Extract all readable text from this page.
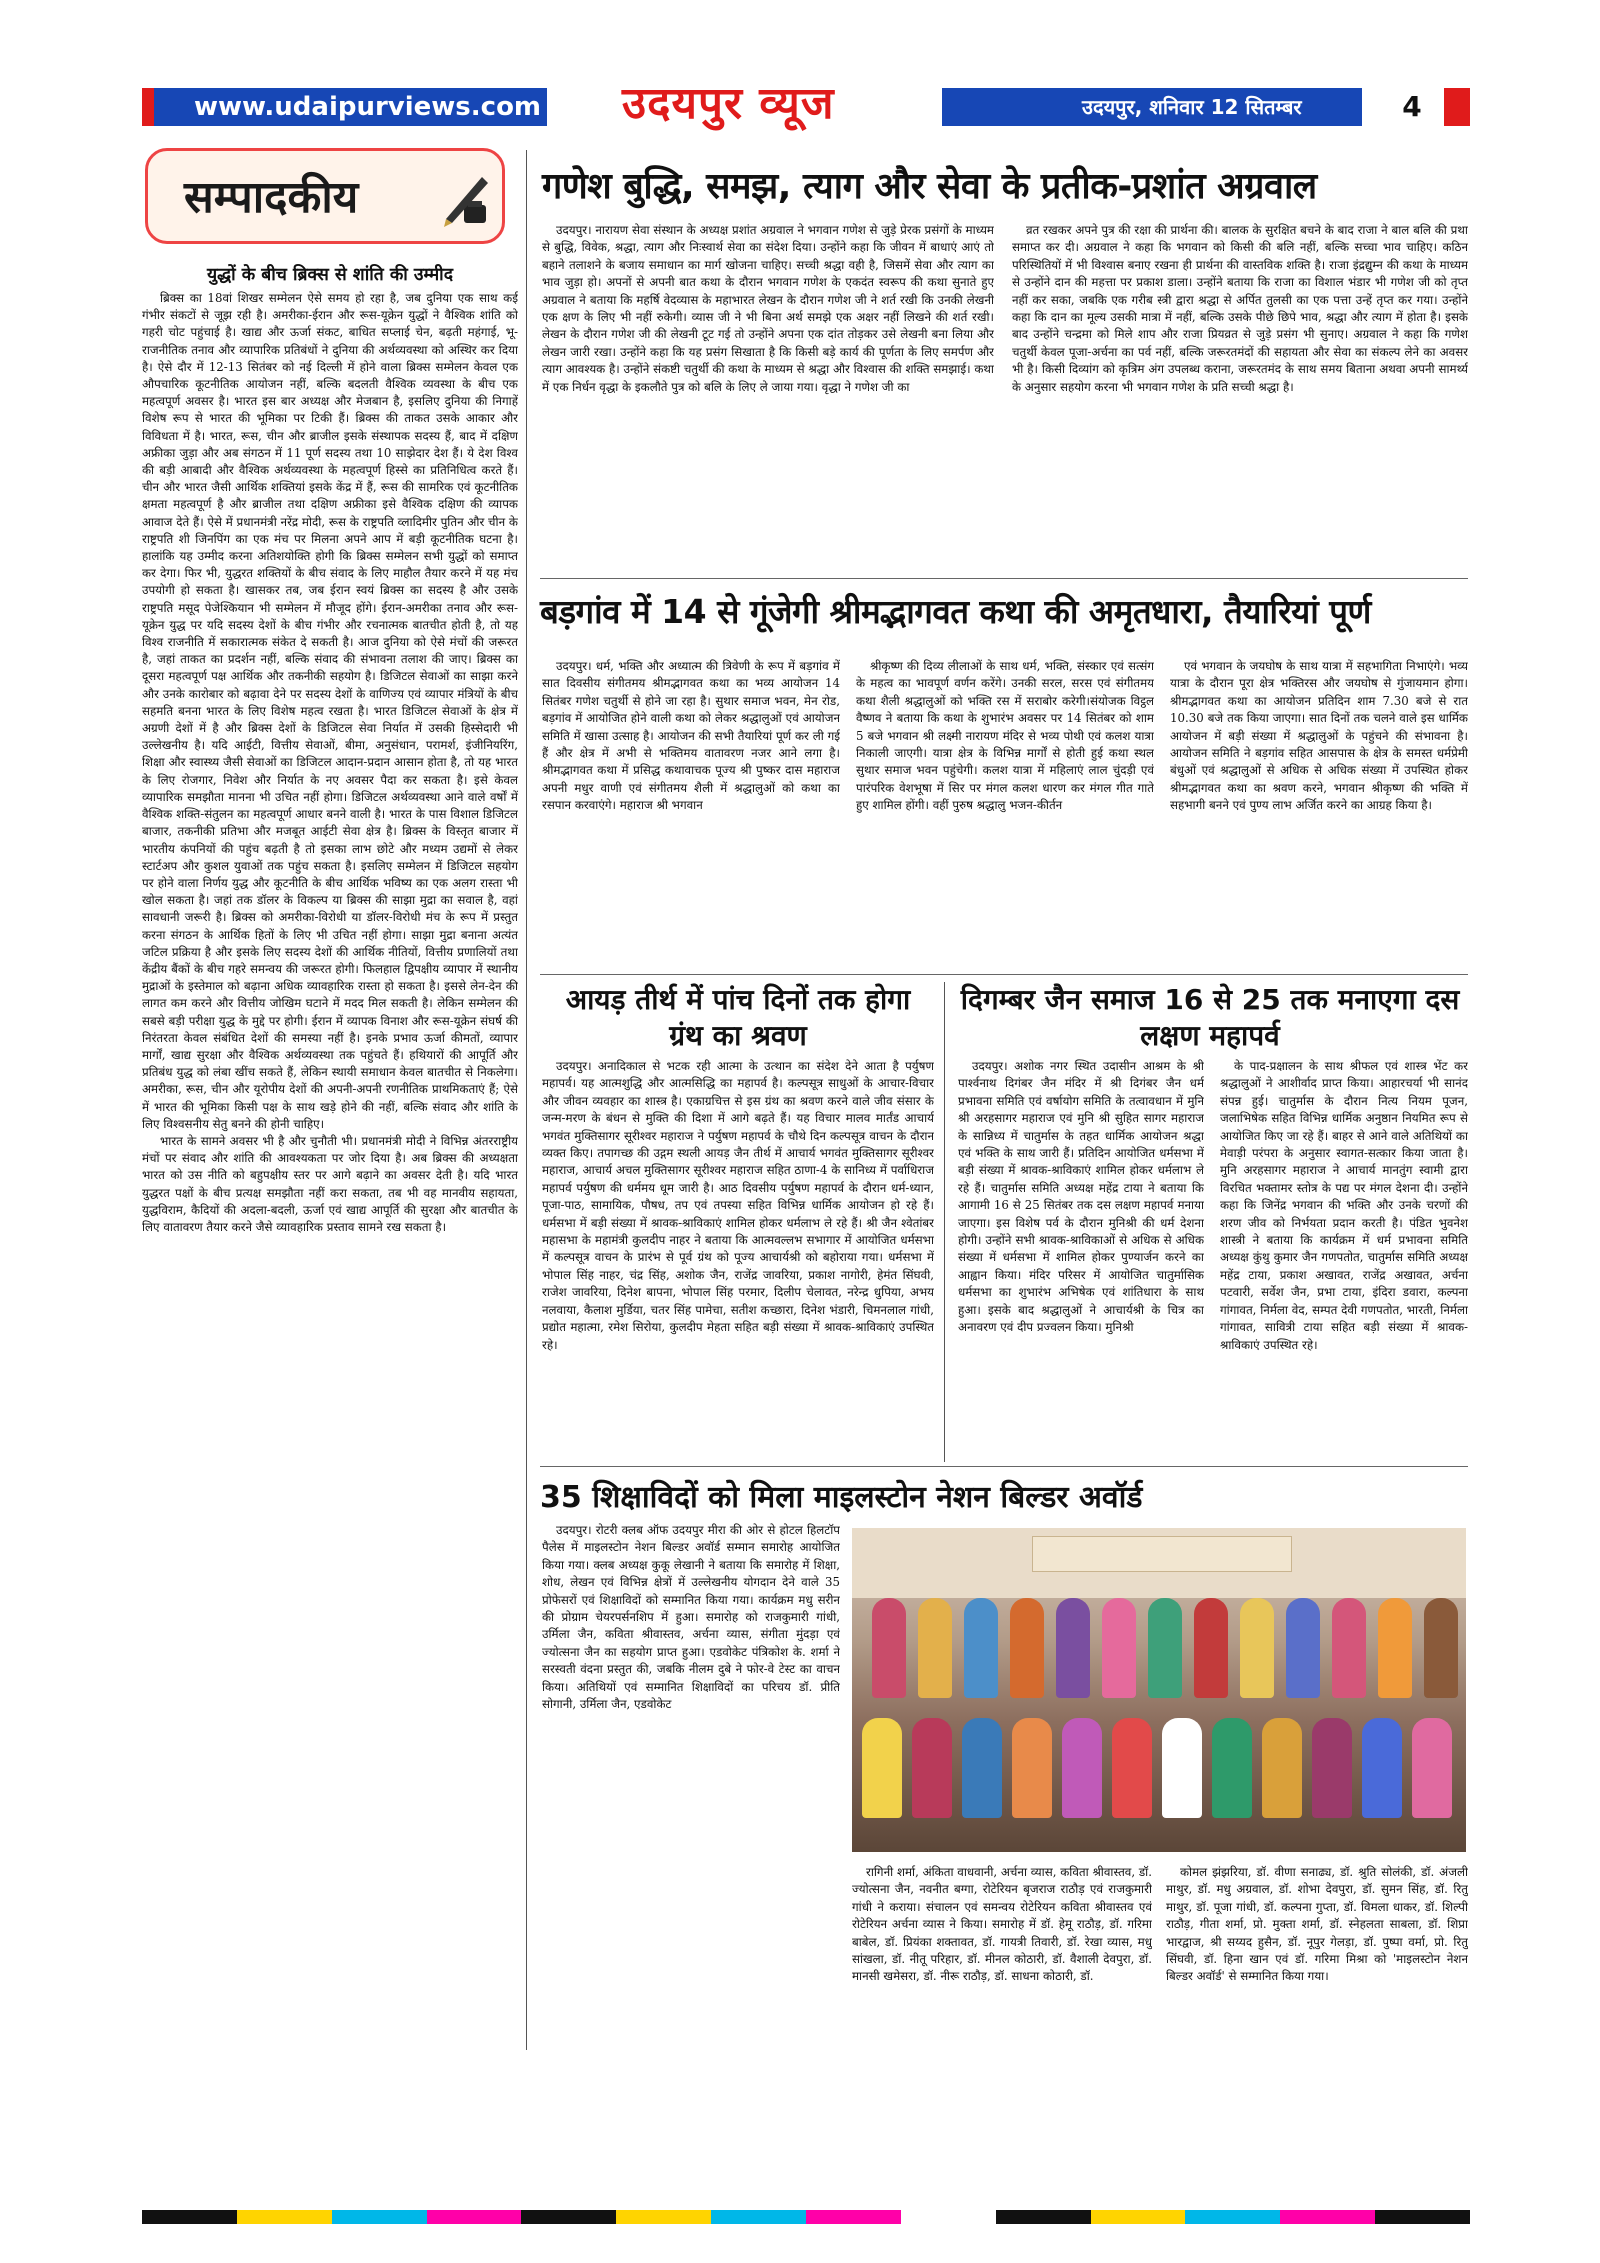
www.udaipurviews.com	उदयपुर, शनिवार 12 सितम्बर 2026
उदयपुर व्यूज	4
सम्पादकीय
युद्धों के बीच ब्रिक्स से शांति की उम्मीद

ब्रिक्स का 18वां शिखर सम्मेलन ऐसे समय हो रहा है, जब दुनिया एक साथ कई गंभीर संकटों से जूझ रही है। अमरीका-ईरान और रूस-यूक्रेन युद्धों ने वैश्विक शांति को गहरी चोट पहुंचाई है। खाद्य और ऊर्जा संकट, बाधित सप्लाई चेन, बढ़ती महंगाई, भू-राजनीतिक तनाव और व्यापारिक प्रतिबंधों ने दुनिया की अर्थव्यवस्था को अस्थिर कर दिया है। ऐसे दौर में 12-13 सितंबर को नई दिल्ली में होने वाला ब्रिक्स सम्मेलन केवल एक औपचारिक कूटनीतिक आयोजन नहीं, बल्कि बदलती वैश्विक व्यवस्था के बीच एक महत्वपूर्ण अवसर है। भारत इस बार अध्यक्ष और मेजबान है, इसलिए दुनिया की निगाहें विशेष रूप से भारत की भूमिका पर टिकी हैं। ब्रिक्स की ताकत उसके आकार और विविधता में है। भारत, रूस, चीन और ब्राजील इसके संस्थापक सदस्य हैं, बाद में दक्षिण अफ्रीका जुड़ा और अब संगठन में 11 पूर्ण सदस्य तथा 10 साझेदार देश हैं। ये देश विश्व की बड़ी आबादी और वैश्विक अर्थव्यवस्था के महत्वपूर्ण हिस्से का प्रतिनिधित्व करते हैं। चीन और भारत जैसी आर्थिक शक्तियां इसके केंद्र में हैं, रूस की सामरिक एवं कूटनीतिक क्षमता महत्वपूर्ण है और ब्राजील तथा दक्षिण अफ्रीका इसे वैश्विक दक्षिण की व्यापक आवाज देते हैं। ऐसे में प्रधानमंत्री नरेंद्र मोदी, रूस के राष्ट्रपति व्लादिमीर पुतिन और चीन के राष्ट्रपति शी जिनपिंग का एक मंच पर मिलना अपने आप में बड़ी कूटनीतिक घटना है। हालांकि यह उम्मीद करना अतिशयोक्ति होगी कि ब्रिक्स सम्मेलन सभी युद्धों को समाप्त कर देगा। फिर भी, युद्धरत शक्तियों के बीच संवाद के लिए माहौल तैयार करने में यह मंच उपयोगी हो सकता है। खासकर तब, जब ईरान स्वयं ब्रिक्स का सदस्य है और उसके राष्ट्रपति मसूद पेजेश्कियान भी सम्मेलन में मौजूद होंगे। ईरान-अमरीका तनाव और रूस-यूक्रेन युद्ध पर यदि सदस्य देशों के बीच गंभीर और रचनात्मक बातचीत होती है, तो यह विश्व राजनीति में सकारात्मक संकेत दे सकती है। आज दुनिया को ऐसे मंचों की जरूरत है, जहां ताकत का प्रदर्शन नहीं, बल्कि संवाद की संभावना तलाश की जाए। ब्रिक्स का दूसरा महत्वपूर्ण पक्ष आर्थिक और तकनीकी सहयोग है। डिजिटल सेवाओं का साझा करने और उनके कारोबार को बढ़ावा देने पर सदस्य देशों के वाणिज्य एवं व्यापार मंत्रियों के बीच सहमति बनना भारत के लिए विशेष महत्व रखता है। भारत डिजिटल सेवाओं के क्षेत्र में अग्रणी देशों में है और ब्रिक्स देशों के डिजिटल सेवा निर्यात में उसकी हिस्सेदारी भी उल्लेखनीय है। यदि आईटी, वित्तीय सेवाओं, बीमा, अनुसंधान, परामर्श, इंजीनियरिंग, शिक्षा और स्वास्थ्य जैसी सेवाओं का डिजिटल आदान-प्रदान आसान होता है, तो यह भारत के लिए रोजगार, निवेश और निर्यात के नए अवसर पैदा कर सकता है। इसे केवल व्यापारिक समझौता मानना भी उचित नहीं होगा। डिजिटल अर्थव्यवस्था आने वाले वर्षों में वैश्विक शक्ति-संतुलन का महत्वपूर्ण आधार बनने वाली है। भारत के पास विशाल डिजिटल बाजार, तकनीकी प्रतिभा और मजबूत आईटी सेवा क्षेत्र है। ब्रिक्स के विस्तृत बाजार में भारतीय कंपनियों की पहुंच बढ़ती है तो इसका लाभ छोटे और मध्यम उद्यमों से लेकर स्टार्टअप और कुशल युवाओं तक पहुंच सकता है। इसलिए सम्मेलन में डिजिटल सहयोग पर होने वाला निर्णय युद्ध और कूटनीति के बीच आर्थिक भविष्य का एक अलग रास्ता भी खोल सकता है। जहां तक डॉलर के विकल्प या ब्रिक्स की साझा मुद्रा का सवाल है, वहां सावधानी जरूरी है। ब्रिक्स को अमरीका-विरोधी या डॉलर-विरोधी मंच के रूप में प्रस्तुत करना संगठन के आर्थिक हितों के लिए भी उचित नहीं होगा। साझा मुद्रा बनाना अत्यंत जटिल प्रक्रिया है और इसके लिए सदस्य देशों की आर्थिक नीतियों, वित्तीय प्रणालियों तथा केंद्रीय बैंकों के बीच गहरे समन्वय की जरूरत होगी। फिलहाल द्विपक्षीय व्यापार में स्थानीय मुद्राओं के इस्तेमाल को बढ़ाना अधिक व्यावहारिक रास्ता हो सकता है। इससे लेन-देन की लागत कम करने और वित्तीय जोखिम घटाने में मदद मिल सकती है। लेकिन सम्मेलन की सबसे बड़ी परीक्षा युद्ध के मुद्दे पर होगी। ईरान में व्यापक विनाश और रूस-यूक्रेन संघर्ष की निरंतरता केवल संबंधित देशों की समस्या नहीं है। इनके प्रभाव ऊर्जा कीमतों, व्यापार मार्गों, खाद्य सुरक्षा और वैश्विक अर्थव्यवस्था तक पहुंचते हैं। हथियारों की आपूर्ति और प्रतिबंध युद्ध को लंबा खींच सकते हैं, लेकिन स्थायी समाधान केवल बातचीत से निकलेगा। अमरीका, रूस, चीन और यूरोपीय देशों की अपनी-अपनी रणनीतिक प्राथमिकताएं हैं; ऐसे में भारत की भूमिका किसी पक्ष के साथ खड़े होने की नहीं, बल्कि संवाद और शांति के लिए विश्वसनीय सेतु बनने की होनी चाहिए।

भारत के सामने अवसर भी है और चुनौती भी। प्रधानमंत्री मोदी ने विभिन्न अंतरराष्ट्रीय मंचों पर संवाद और शांति की आवश्यकता पर जोर दिया है। अब ब्रिक्स की अध्यक्षता भारत को उस नीति को बहुपक्षीय स्तर पर आगे बढ़ाने का अवसर देती है। यदि भारत युद्धरत पक्षों के बीच प्रत्यक्ष समझौता नहीं करा सकता, तब भी वह मानवीय सहायता, युद्धविराम, कैदियों की अदला-बदली, ऊर्जा एवं खाद्य आपूर्ति की सुरक्षा और बातचीत के लिए वातावरण तैयार करने जैसे व्यावहारिक प्रस्ताव सामने रख सकता है।

गणेश बुद्धि, समझ, त्याग और सेवा के प्रतीक-प्रशांत अग्रवाल

उदयपुर। नारायण सेवा संस्थान के अध्यक्ष प्रशांत अग्रवाल ने भगवान गणेश से जुड़े प्रेरक प्रसंगों के माध्यम से बुद्धि, विवेक, श्रद्धा, त्याग और निःस्वार्थ सेवा का संदेश दिया। उन्होंने कहा कि जीवन में बाधाएं आएं तो बहाने तलाशने के बजाय समाधान का मार्ग खोजना चाहिए। सच्ची श्रद्धा वही है, जिसमें सेवा और त्याग का भाव जुड़ा हो। अपनों से अपनी बात कथा के दौरान भगवान गणेश के एकदंत स्वरूप की कथा सुनाते हुए अग्रवाल ने बताया कि महर्षि वेदव्यास के महाभारत लेखन के दौरान गणेश जी ने शर्त रखी कि उनकी लेखनी एक क्षण के लिए भी नहीं रुकेगी। व्यास जी ने भी बिना अर्थ समझे एक अक्षर नहीं लिखने की शर्त रखी। लेखन के दौरान गणेश जी की लेखनी टूट गई तो उन्होंने अपना एक दांत तोड़कर उसे लेखनी बना लिया और लेखन जारी रखा। उन्होंने कहा कि यह प्रसंग सिखाता है कि किसी बड़े कार्य की पूर्णता के लिए समर्पण और त्याग आवश्यक है। उन्होंने संकष्टी चतुर्थी की कथा के माध्यम से श्रद्धा और विश्वास की शक्ति समझाई। कथा में एक निर्धन वृद्धा के इकलौते पुत्र को बलि के लिए ले जाया गया। वृद्धा ने गणेश जी का

व्रत रखकर अपने पुत्र की रक्षा की प्रार्थना की। बालक के सुरक्षित बचने के बाद राजा ने बाल बलि की प्रथा समाप्त कर दी। अग्रवाल ने कहा कि भगवान को किसी की बलि नहीं, बल्कि सच्चा भाव चाहिए। कठिन परिस्थितियों में भी विश्वास बनाए रखना ही प्रार्थना की वास्तविक शक्ति है। राजा इंद्रद्युम्न की कथा के माध्यम से उन्होंने दान की महत्ता पर प्रकाश डाला। उन्होंने बताया कि राजा का विशाल भंडार भी गणेश जी को तृप्त नहीं कर सका, जबकि एक गरीब स्त्री द्वारा श्रद्धा से अर्पित तुलसी का एक पत्ता उन्हें तृप्त कर गया। उन्होंने कहा कि दान का मूल्य उसकी मात्रा में नहीं, बल्कि उसके पीछे छिपे भाव, श्रद्धा और त्याग में होता है। इसके बाद उन्होंने चन्द्रमा को मिले शाप और राजा प्रियव्रत से जुड़े प्रसंग भी सुनाए। अग्रवाल ने कहा कि गणेश चतुर्थी केवल पूजा-अर्चना का पर्व नहीं, बल्कि जरूरतमंदों की सहायता और सेवा का संकल्प लेने का अवसर भी है। किसी दिव्यांग को कृत्रिम अंग उपलब्ध कराना, जरूरतमंद के साथ समय बिताना अथवा अपनी सामर्थ्य के अनुसार सहयोग करना भी भगवान गणेश के प्रति सच्ची श्रद्धा है।

बड़गांव में 14 से गूंजेगी श्रीमद्भागवत कथा की अमृतधारा, तैयारियां पूर्ण

उदयपुर। धर्म, भक्ति और अध्यात्म की त्रिवेणी के रूप में बड़गांव में सात दिवसीय संगीतमय श्रीमद्भागवत कथा का भव्य आयोजन 14 सितंबर गणेश चतुर्थी से होने जा रहा है। सुथार समाज भवन, मेन रोड, बड़गांव में आयोजित होने वाली कथा को लेकर श्रद्धालुओं एवं आयोजन समिति में खासा उत्साह है। आयोजन की सभी तैयारियां पूर्ण कर ली गई हैं और क्षेत्र में अभी से भक्तिमय वातावरण नजर आने लगा है। श्रीमद्भागवत कथा में प्रसिद्ध कथावाचक पूज्य श्री पुष्कर दास महाराज अपनी मधुर वाणी एवं संगीतमय शैली में श्रद्धालुओं को कथा का रसपान करवाएंगे। महाराज श्री भगवान

श्रीकृष्ण की दिव्य लीलाओं के साथ धर्म, भक्ति, संस्कार एवं सत्संग के महत्व का भावपूर्ण वर्णन करेंगे। उनकी सरल, सरस एवं संगीतमय कथा शैली श्रद्धालुओं को भक्ति रस में सराबोर करेगी।संयोजक विट्ठल वैष्णव ने बताया कि कथा के शुभारंभ अवसर पर 14 सितंबर को शाम 5 बजे भगवान श्री लक्ष्मी नारायण मंदिर से भव्य पोथी एवं कलश यात्रा निकाली जाएगी। यात्रा क्षेत्र के विभिन्न मार्गों से होती हुई कथा स्थल सुथार समाज भवन पहुंचेगी। कलश यात्रा में महिलाएं लाल चुंदड़ी एवं पारंपरिक वेशभूषा में सिर पर मंगल कलश धारण कर मंगल गीत गाते हुए शामिल होंगी। वहीं पुरुष श्रद्धालु भजन-कीर्तन

एवं भगवान के जयघोष के साथ यात्रा में सहभागिता निभाएंगे। भव्य यात्रा के दौरान पूरा क्षेत्र भक्तिरस और जयघोष से गुंजायमान होगा। श्रीमद्भागवत कथा का आयोजन प्रतिदिन शाम 7.30 बजे से रात 10.30 बजे तक किया जाएगा। सात दिनों तक चलने वाले इस धार्मिक आयोजन में बड़ी संख्या में श्रद्धालुओं के पहुंचने की संभावना है। आयोजन समिति ने बड़गांव सहित आसपास के क्षेत्र के समस्त धर्मप्रेमी बंधुओं एवं श्रद्धालुओं से अधिक से अधिक संख्या में उपस्थित होकर श्रीमद्भागवत कथा का श्रवण करने, भगवान श्रीकृष्ण की भक्ति में सहभागी बनने एवं पुण्य लाभ अर्जित करने का आग्रह किया है।

आयड़ तीर्थ में पांच दिनों तक होगा ग्रंथ का श्रवण

उदयपुर। अनादिकाल से भटक रही आत्मा के उत्थान का संदेश देने आता है पर्युषण महापर्व। यह आत्मशुद्धि और आत्मसिद्धि का महापर्व है। कल्पसूत्र साधुओं के आचार-विचार और जीवन व्यवहार का शास्त्र है। एकाग्रचित्त से इस ग्रंथ का श्रवण करने वाले जीव संसार के जन्म-मरण के बंधन से मुक्ति की दिशा में आगे बढ़ते हैं। यह विचार मालव मार्तंड आचार्य भगवंत मुक्तिसागर सूरीश्वर महाराज ने पर्युषण महापर्व के चौथे दिन कल्पसूत्र वाचन के दौरान व्यक्त किए। तपागच्छ की उद्गम स्थली आयड़ जैन तीर्थ में आचार्य भगवंत मुक्तिसागर सूरीश्वर महाराज, आचार्य अचल मुक्तिसागर सूरीश्वर महाराज सहित ठाणा-4 के सानिध्य में पर्वाधिराज महापर्व पर्युषण की धर्ममय धूम जारी है। आठ दिवसीय पर्युषण महापर्व के दौरान धर्म-ध्यान, पूजा-पाठ, सामायिक, पौषध, तप एवं तपस्या सहित विभिन्न धार्मिक आयोजन हो रहे हैं। धर्मसभा में बड़ी संख्या में श्रावक-श्राविकाएं शामिल होकर धर्मलाभ ले रहे हैं। श्री जैन श्वेतांबर महासभा के महामंत्री कुलदीप नाहर ने बताया कि आत्मवल्लभ सभागार में आयोजित धर्मसभा में कल्पसूत्र वाचन के प्रारंभ से पूर्व ग्रंथ को पूज्य आचार्यश्री को बहोराया गया। धर्मसभा में भोपाल सिंह नाहर, चंद्र सिंह, अशोक जैन, राजेंद्र जावरिया, प्रकाश नागोरी, हेमंत सिंघवी, राजेश जावरिया, दिनेश बापना, भोपाल सिंह परमार, दिलीप चेलावत, नरेन्द्र धुपिया, अभय नलवाया, कैलाश मुर्डिया, चतर सिंह पामेचा, सतीश कच्छारा, दिनेश भंडारी, चिमनलाल गांधी, प्रद्योत महात्मा, रमेश सिरोया, कुलदीप मेहता सहित बड़ी संख्या में श्रावक-श्राविकाएं उपस्थित रहे।

दिगम्बर जैन समाज 16 से 25 तक मनाएगा दस लक्षण महापर्व

उदयपुर। अशोक नगर स्थित उदासीन आश्रम के श्री पार्श्वनाथ दिगंबर जैन मंदिर में श्री दिगंबर जैन धर्म प्रभावना समिति एवं वर्षायोग समिति के तत्वावधान में मुनि श्री अरहसागर महाराज एवं मुनि श्री सुहित सागर महाराज के सान्निध्य में चातुर्मास के तहत धार्मिक आयोजन श्रद्धा एवं भक्ति के साथ जारी हैं। प्रतिदिन आयोजित धर्मसभा में बड़ी संख्या में श्रावक-श्राविकाएं शामिल होकर धर्मलाभ ले रहे हैं। चातुर्मास समिति अध्यक्ष महेंद्र टाया ने बताया कि आगामी 16 से 25 सितंबर तक दस लक्षण महापर्व मनाया जाएगा। इस विशेष पर्व के दौरान मुनिश्री की धर्म देशना होगी। उन्होंने सभी श्रावक-श्राविकाओं से अधिक से अधिक संख्या में धर्मसभा में शामिल होकर पुण्यार्जन करने का आह्वान किया। मंदिर परिसर में आयोजित चातुर्मासिक धर्मसभा का शुभारंभ अभिषेक एवं शांतिधारा के साथ हुआ। इसके बाद श्रद्धालुओं ने आचार्यश्री के चित्र का अनावरण एवं दीप प्रज्वलन किया। मुनिश्री

के पाद-प्रक्षालन के साथ श्रीफल एवं शास्त्र भेंट कर श्रद्धालुओं ने आशीर्वाद प्राप्त किया। आहारचर्या भी सानंद संपन्न हुई। चातुर्मास के दौरान नित्य नियम पूजन, जलाभिषेक सहित विभिन्न धार्मिक अनुष्ठान नियमित रूप से आयोजित किए जा रहे हैं। बाहर से आने वाले अतिथियों का मेवाड़ी परंपरा के अनुसार स्वागत-सत्कार किया जाता है। मुनि अरहसागर महाराज ने आचार्य मानतुंग स्वामी द्वारा विरचित भक्तामर स्तोत्र के पद्य पर मंगल देशना दी। उन्होंने कहा कि जिनेंद्र भगवान की भक्ति और उनके चरणों की शरण जीव को निर्भयता प्रदान करती है। पंडित भुवनेश शास्त्री ने बताया कि कार्यक्रम में धर्म प्रभावना समिति अध्यक्ष कुंथु कुमार जैन गणपतोत, चातुर्मास समिति अध्यक्ष महेंद्र टाया, प्रकाश अखावत, राजेंद्र अखावत, अर्चना पटवारी, सर्वेश जैन, प्रभा टाया, इंदिरा डवारा, कल्पना गांगावत, निर्मला वेद, सम्पत देवी गणपतोत, भारती, निर्मला गांगावत, सावित्री टाया सहित बड़ी संख्या में श्रावक-श्राविकाएं उपस्थित रहे।

35 शिक्षाविदों को मिला माइलस्टोन नेशन बिल्डर अवॉर्ड

उदयपुर। रोटरी क्लब ऑफ उदयपुर मीरा की ओर से होटल हिलटॉप पैलेस में माइलस्टोन नेशन बिल्डर अवॉर्ड सम्मान समारोह आयोजित किया गया। क्लब अध्यक्ष कुकू लेखानी ने बताया कि समारोह में शिक्षा, शोध, लेखन एवं विभिन्न क्षेत्रों में उल्लेखनीय योगदान देने वाले 35 प्रोफेसरों एवं शिक्षाविदों को सम्मानित किया गया। कार्यक्रम मधु सरीन की प्रोग्राम चेयरपर्सनशिप में हुआ। समारोह को राजकुमारी गांधी, उर्मिला जैन, कविता श्रीवास्तव, अर्चना व्यास, संगीता मुंदड़ा एवं ज्योत्सना जैन का सहयोग प्राप्त हुआ। एडवोकेट पंत्रिकोश के. शर्मा ने सरस्वती वंदना प्रस्तुत की, जबकि नीलम दुबे ने फोर-वे टेस्ट का वाचन किया। अतिथियों एवं सम्मानित शिक्षाविदों का परिचय डॉ. प्रीति सोगानी, उर्मिला जैन, एडवोकेट

रागिनी शर्मा, अंकिता वाधवानी, अर्चना व्यास, कविता श्रीवास्तव, डॉ. ज्योत्सना जैन, नवनीत बग्गा, रोटेरियन बृजराज राठौड़ एवं राजकुमारी गांधी ने कराया। संचालन एवं समन्वय रोटेरियन कविता श्रीवास्तव एवं रोटेरियन अर्चना व्यास ने किया। समारोह में डॉ. हेमू राठौड़, डॉ. गरिमा बाबेल, डॉ. प्रियंका शक्तावत, डॉ. गायत्री तिवारी, डॉ. रेखा व्यास, मधु सांखला, डॉ. नीतू परिहार, डॉ. मीनल कोठारी, डॉ. वैशाली देवपुरा, डॉ. मानसी खमेसरा, डॉ. नीरू राठौड़, डॉ. साधना कोठारी, डॉ.

कोमल झंझरिया, डॉ. वीणा सनाढ्य, डॉ. श्रुति सोलंकी, डॉ. अंजली माथुर, डॉ. मधु अग्रवाल, डॉ. शोभा देवपुरा, डॉ. सुमन सिंह, डॉ. रितु माथुर, डॉ. पूजा गांधी, डॉ. कल्पना गुप्ता, डॉ. विमला धाकर, डॉ. शिल्पी राठौड़, गीता शर्मा, प्रो. मुक्ता शर्मा, डॉ. स्नेहलता साबला, डॉ. शिप्रा भारद्वाज, श्री सय्यद हुसैन, डॉ. नूपुर गेलड़ा, डॉ. पुष्पा वर्मा, प्रो. रितु सिंघवी, डॉ. हिना खान एवं डॉ. गरिमा मिश्रा को 'माइलस्टोन नेशन बिल्डर अवॉर्ड' से सम्मानित किया गया।
